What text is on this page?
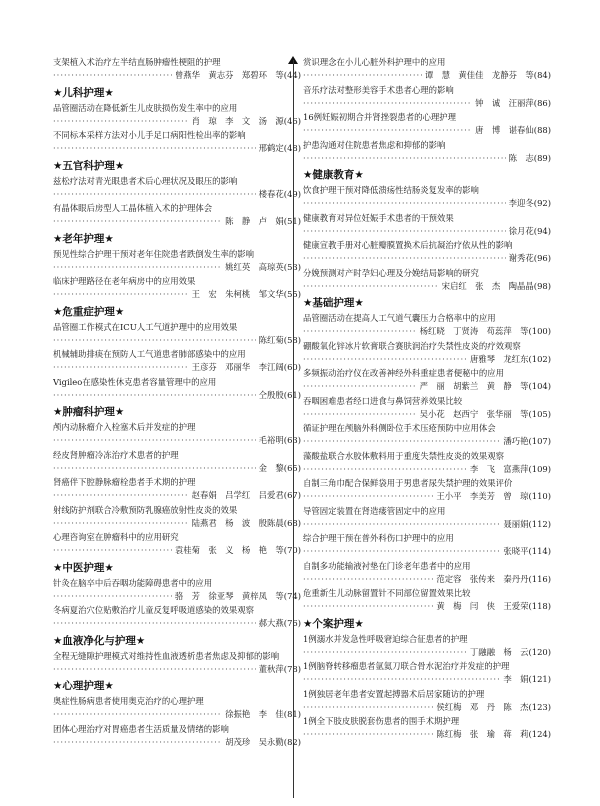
支架植入术治疗左半结直肠肿瘤性梗阻的护理
·····
曾燕华　黄志芬　郑碧环　等(44)
★儿科护理★
品管圈活动在降低新生儿皮肤损伤发生率中的应用
·····
肖　琼　李　文　汤　源(46)
不同标本采样方法对小儿手足口病阳性检出率的影响
·····
邢鹤定(48)
★五官科护理★
兹松疗法对青光眼患者术后心理状况及眼压的影响
·····
楼春花(49)
有晶体眼后房型人工晶体植入术的护理体会
·····
陈　静　卢　娟(51)
★老年护理★
预见性综合护理干预对老年住院患者跌倒发生率的影响
·····
姚红英　高琼英(53)
临床护理路径在老年病房中的应用效果
·····
王　宏　朱柯桃　邹文华(55)
★危重症护理★
品管圈工作模式在ICU人工气道护理中的应用效果
·····
陈红菊(58)
机械辅助排痰在预防人工气道患者肺部感染中的应用
·····
王彦芬　邓丽华　李江阔(60)
Vigileo在感染性休克患者容量管理中的应用
·····
仝殷殷(61)
★肿瘤科护理★
颅内动脉瘤介入栓塞术后并发症的护理
·····
毛裕明(63)
经皮肾肿瘤冷冻治疗术患者的护理
·····
金　黎(65)
肾癌伴下腔静脉瘤栓患者手术期的护理
·····
赵春娟　吕学红　吕爱君(67)
射线防护剂联合冷敷预防乳腺癌放射性皮炎的效果
·····
陆燕君　杨　波　殷陈晨(68)
心理咨询室在肿瘤科中的应用研究
·····
袁桂菊　张　义　杨　艳　等(70)
★中医护理★
针灸在脑卒中后吞咽功能障碍患者中的应用
·····
骆　芳　徐亚琴　黄梓凤　等(74)
冬病夏治穴位贴敷治疗儿童反复呼吸道感染的效果观察
·····
郝大燕(76)
★血液净化与护理★
全程无缝隙护理模式对维持性血液透析患者焦虑及抑郁的影响
·····
董秋萍(78)
★心理护理★
奥症性肠病患者使用奥克治疗的心理护理
·····
徐振艳　李　佳(81)
团体心理治疗对胃癌患者生活质量及情绪的影响
·····
胡茂珍　吴永勤(82)
赏识理念在小儿心脏外科护理中的应用
·····
谭　慧　黄佳佳　龙静芬　等(84)
音乐疗法对整形美容手术患者心理的影响
·····
钟　诚　汪丽萍(86)
16例妊娠初期合并肾挫裂患者的心理护理
·····
唐　博　谌春仙(88)
护患沟通对住院患者焦虑和抑郁的影响
·····
陈　志(89)
★健康教育★
饮食护理干预对降低溃疡性结肠炎复发率的影响
·····
李迎冬(92)
健康教育对异位妊娠手术患者的干预效果
·····
徐月花(94)
健康宣教手册对心脏瓣膜置换术后抗凝治疗依从性的影响
·····
谢秀花(96)
分娩预测对产时孕妇心理及分娩结局影响的研究
·····
宋启红　张　杰　陶晶晶(98)
★基础护理★
品管圈活动在提高人工气道气囊压力合格率中的应用
·····
杨红晓　丁贤涛　苟蕊萍　等(100)
硼酸氧化锌冰片软膏联合赛肤润治疗失禁性皮炎的疗效观察
·····
唐雅琴　龙红东(102)
多频振动治疗仪在改善神经外科重症患者便秘中的应用
·····
严　丽　胡紫兰　黄　静　等(104)
吞咽困难患者经口进食与鼻饲营养效果比较
·····
吴小花　赵西宁　张华丽　等(105)
循证护理在颅脑外科侧卧位手术压疮预防中应用体会
·····
潘巧艳(107)
藻酸盐联合水胶体敷料用于重度失禁性皮炎的效果观察
·····
李　飞　富燕萍(109)
自制三角巾配合保鲜袋用于男患者尿失禁护理的效果评价
·····
王小平　李美芳　曾　琼(110)
导管固定装置在肾造瘘管固定中的应用
·····
聂丽娟(112)
综合护理干预在普外科伤口护理中的应用
·····
张晓平(114)
自制多功能输液衬垫在门诊老年患者中的应用
·····
范定容　张传来　秦丹丹(116)
危重新生儿动脉留置针不同部位留置效果比较
·····
黄　梅　闫　侠　王爱荣(118)
★个案护理★
1例溺水并发急性呼吸窘迫综合征患者的护理
·····
丁融融　杨　云(120)
1例脑脊转移瘤患者氩氦刀联合骨水泥治疗并发症的护理
·····
李　娟(121)
1例独居老年患者安置起搏器术后居家随访的护理
·····
侯红梅　邓　丹　陈　杰(123)
1例全下肢皮肤脱套伤患者的围手术期护理
·····
陈红梅　张　瑜　蒋　莉(124)
